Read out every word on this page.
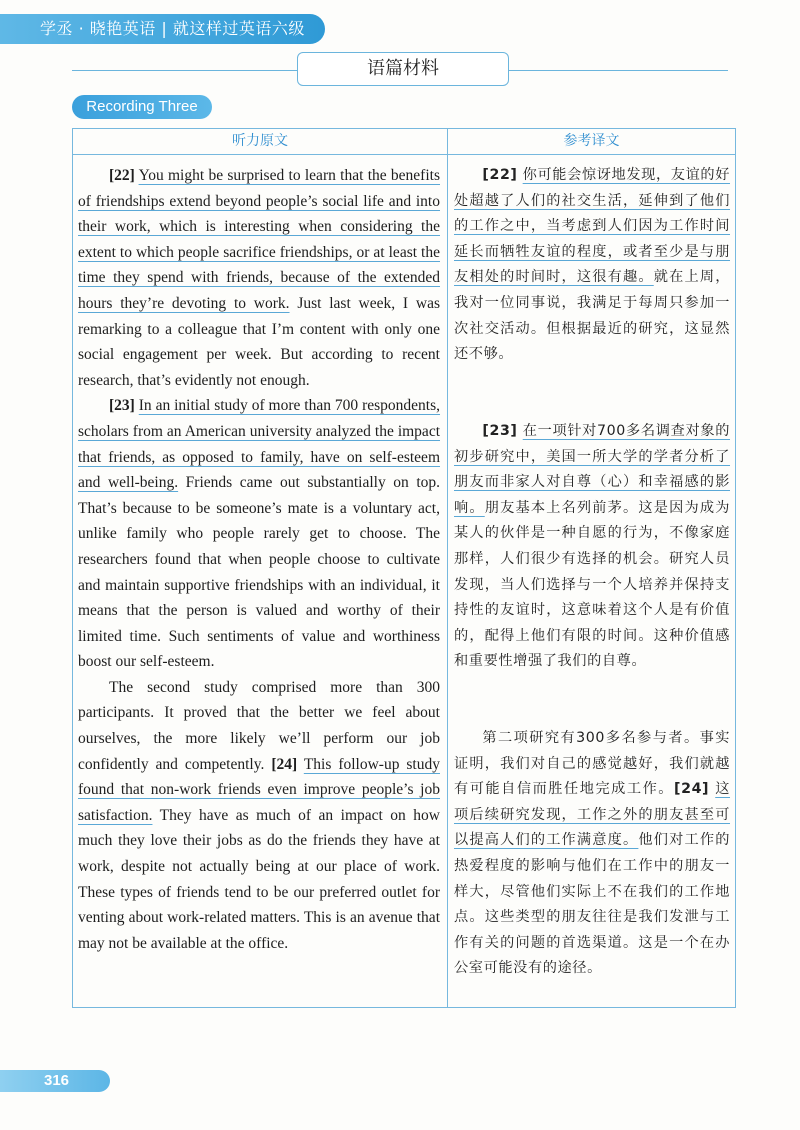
学丞 · 晓艳英语 | 就这样过英语六级
语篇材料
Recording Three
听力原文	参考译文

[22] You might be surprised to learn that the benefits of friendships extend beyond people’s social life and into their work, which is interesting when considering the extent to which people sacrifice friendships, or at least the time they spend with friends, because of the extended hours they’re devoting to work. Just last week, I was remarking to a colleague that I’m content with only one social engagement per week. But according to recent research, that’s evidently not enough.

[23] In an initial study of more than 700 respondents, scholars from an American university analyzed the impact that friends, as opposed to family, have on self-esteem and well-being. Friends came out substantially on top. That’s because to be someone’s mate is a voluntary act, unlike family who people rarely get to choose. The researchers found that when people choose to cultivate and maintain supportive friendships with an individual, it means that the person is valued and worthy of their limited time. Such sentiments of value and worthiness boost our self-esteem.

The second study comprised more than 300 participants. It proved that the better we feel about ourselves, the more likely we’ll perform our job confidently and competently. [24] This follow-up study found that non-work friends even improve people’s job satisfaction. They have as much of an impact on how much they love their jobs as do the friends they have at work, despite not actually being at our place of work. These types of friends tend to be our preferred outlet for venting about work-related matters. This is an avenue that may not be available at the office.

[22] 你可能会惊讶地发现，友谊的好处超越了人们的社交生活，延伸到了他们的工作之中，当考虑到人们因为工作时间延长而牺牲友谊的程度，或者至少是与朋友相处的时间时，这很有趣。就在上周，我对一位同事说，我满足于每周只参加一次社交活动。但根据最近的研究，这显然还不够。

[23] 在一项针对700多名调查对象的初步研究中，美国一所大学的学者分析了朋友而非家人对自尊（心）和幸福感的影响。朋友基本上名列前茅。这是因为成为某人的伙伴是一种自愿的行为，不像家庭那样，人们很少有选择的机会。研究人员发现，当人们选择与一个人培养并保持支持性的友谊时，这意味着这个人是有价值的，配得上他们有限的时间。这种价值感和重要性增强了我们的自尊。

第二项研究有300多名参与者。事实证明，我们对自己的感觉越好，我们就越有可能自信而胜任地完成工作。[24] 这项后续研究发现，工作之外的朋友甚至可以提高人们的工作满意度。他们对工作的热爱程度的影响与他们在工作中的朋友一样大，尽管他们实际上不在我们的工作地点。这些类型的朋友往往是我们发泄与工作有关的问题的首选渠道。这是一个在办公室可能没有的途径。

316
